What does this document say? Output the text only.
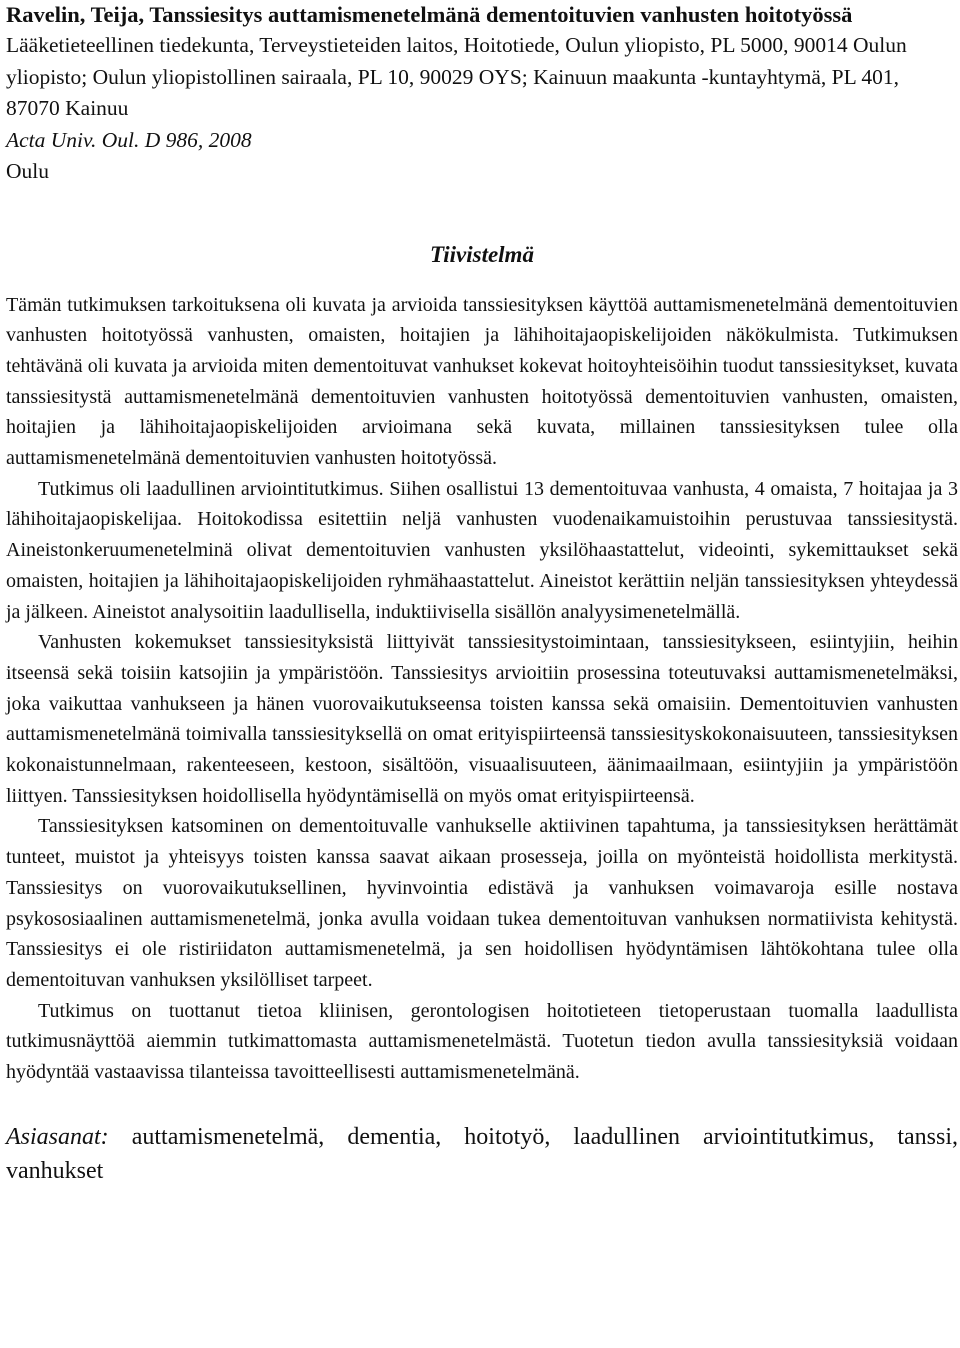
Ravelin, Teija, Tanssiesitys auttamismenetelmänä dementoituvien vanhusten hoitotyössä

Lääketieteellinen tiedekunta, Terveystieteiden laitos, Hoitotiede, Oulun yliopisto, PL 5000, 90014 Oulun yliopisto; Oulun yliopistollinen sairaala, PL 10, 90029 OYS; Kainuun maakunta -kuntayhtymä, PL 401, 87070 Kainuu

Acta Univ. Oul. D 986, 2008

Oulu

Tiivistelmä

Tämän tutkimuksen tarkoituksena oli kuvata ja arvioida tanssiesityksen käyttöä auttamismenetelmänä dementoituvien vanhusten hoitotyössä vanhusten, omaisten, hoitajien ja lähihoitajaopiskelijoiden näkökulmista. Tutkimuksen tehtävänä oli kuvata ja arvioida miten dementoituvat vanhukset kokevat hoitoyhteisöihin tuodut tanssiesitykset, kuvata tanssiesitystä auttamismenetelmänä dementoituvien vanhusten hoitotyössä dementoituvien vanhusten, omaisten, hoitajien ja lähihoitajaopiskelijoiden arvioimana sekä kuvata, millainen tanssiesityksen tulee olla auttamismenetelmänä dementoituvien vanhusten hoitotyössä.

Tutkimus oli laadullinen arviointitutkimus. Siihen osallistui 13 dementoituvaa vanhusta, 4 omaista, 7 hoitajaa ja 3 lähihoitajaopiskelijaa. Hoitokodissa esitettiin neljä vanhusten vuodenaikamuistoihin perustuvaa tanssiesitystä. Aineistonkeruumenetelminä olivat dementoituvien vanhusten yksilöhaastattelut, videointi, sykemittaukset sekä omaisten, hoitajien ja lähihoitajaopiskelijoiden ryhmähaastattelut. Aineistot kerättiin neljän tanssiesityksen yhteydessä ja jälkeen. Aineistot analysoitiin laadullisella, induktiivisella sisällön analyysimenetelmällä.

Vanhusten kokemukset tanssiesityksistä liittyivät tanssiesitystoimintaan, tanssiesitykseen, esiintyjiin, heihin itseensä sekä toisiin katsojiin ja ympäristöön. Tanssiesitys arvioitiin prosessina toteutuvaksi auttamismenetelmäksi, joka vaikuttaa vanhukseen ja hänen vuorovaikutukseensa toisten kanssa sekä omaisiin. Dementoituvien vanhusten auttamismenetelmänä toimivalla tanssiesityksellä on omat erityispiirteensä tanssiesityskokonaisuuteen, tanssiesityksen kokonaistunnelmaan, rakenteeseen, kestoon, sisältöön, visuaalisuuteen, äänimaailmaan, esiintyjiin ja ympäristöön liittyen. Tanssiesityksen hoidollisella hyödyntämisellä on myös omat erityispiirteensä.

Tanssiesityksen katsominen on dementoituvalle vanhukselle aktiivinen tapahtuma, ja tanssiesityksen herättämät tunteet, muistot ja yhteisyys toisten kanssa saavat aikaan prosesseja, joilla on myönteistä hoidollista merkitystä. Tanssiesitys on vuorovaikutuksellinen, hyvinvointia edistävä ja vanhuksen voimavaroja esille nostava psykososiaalinen auttamismenetelmä, jonka avulla voidaan tukea dementoituvan vanhuksen normatiivista kehitystä. Tanssiesitys ei ole ristiriidaton auttamismenetelmä, ja sen hoidollisen hyödyntämisen lähtökohtana tulee olla dementoituvan vanhuksen yksilölliset tarpeet.

Tutkimus on tuottanut tietoa kliinisen, gerontologisen hoitotieteen tietoperustaan tuomalla laadullista tutkimusnäyttöä aiemmin tutkimattomasta auttamismenetelmästä. Tuotetun tiedon avulla tanssiesityksiä voidaan hyödyntää vastaavissa tilanteissa tavoitteellisesti auttamismenetelmänä.

Asiasanat: auttamismenetelmä, dementia, hoitotyö, laadullinen arviointitutkimus, tanssi, vanhukset
